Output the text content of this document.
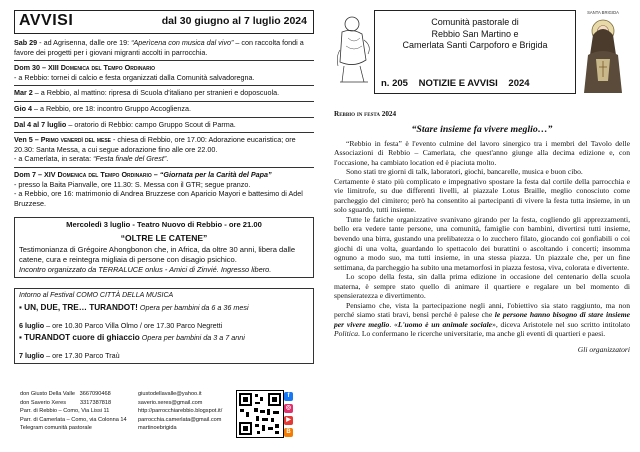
AVVISI	dal 30 giugno al 7 luglio 2024

Sab 29 - ad Agrisenna, dalle ore 19: “Aperìcena con musica dal vivo” – con raccolta fondi a favore dei progetti per i giovani migranti accolti in parrocchia.

Dom 30 – XIII Domenica del Tempo Ordinario

- a Rebbio: tornei di calcio e festa organizzati dalla Comunità salvadoregna.

Mar 2 – a Rebbio, al mattino: ripresa di Scuola d'italiano per stranieri e doposcuola.

Gio 4 – a Rebbio, ore 18: incontro Gruppo Accoglienza.

Dal 4 al 7 luglio – oratorio di Rebbio: campo Gruppo Scout di Parma.

Ven 5 – Primo venerdì del mese - chiesa di Rebbio, ore 17.00: Adorazione eucaristica; ore 20.30: Santa Messa, a cui segue adorazione fino alle ore 22.00.

- a Camerlata, in serata: “Festa finale del Grest”.

Dom 7 – XIV Domenica del Tempo Ordinario – “Giornata per la Carità del Papa”

- presso la Baita Pianvalle, ore 11.30: S. Messa con il GTR; segue pranzo.

- a Rebbio, ore 16: matrimonio di Andrea Bruzzese con Aparicio Mayori e battesimo di Adel Bruzzese.

Mercoledì 3 luglio - Teatro Nuovo di Rebbio - ore 21.00

“OLTRE LE CATENE”

Testimonianza di Grégoire Ahongbonon che, in Africa, da oltre 30 anni, libera dalle catene, cura e reintegra migliaia di persone con disagio psichico.

Incontro organizzato da TERRALUCE onlus - Amici di Zinvié. Ingresso libero.

Intorno al Festival COMO CITTÀ DELLA MUSICA

▪ UN, DUE, TRE… TURANDOT! Opera per bambini da 6 a 36 mesi

6 luglio – ore 10.30 Parco Villa Olmo / ore 17.30 Parco Negretti

▪ TURANDOT cuore di ghiaccio Opera per bambini da 3 a 7 anni

7 luglio – ore 17.30 Parco Traù

don Giusto Della Valle 3667090468
don Saverio Xeres	3317387818
Parr. di Rebbio – Como, Via Lissi 11
Parr. di Camerlata – Como, via Colonna 14
Telegram comunità pastorale
giustodellavalle@yahoo.it
saverio.xeres@gmail.com
http://parrocchiarebbio.blogspot.it/
parrocchia.camerlata@gmail.com
martinoebrigida
f
◎
▶
B
Comunità pastorale di
Rebbio San Martino e
Camerlata Santi Carpoforo e Brigida
n. 205 NOTIZIE E AVVISI 2024
SANTA BRIGIDA

Rebbio in festa 2024

“Stare insieme fa vivere meglio…”

“Rebbio in festa” è l'evento culmine del lavoro sinergico tra i membri del Tavolo delle Associazioni di Rebbio – Camerlata, che quest'anno giunge alla decima edizione e, con l'occasione, ha cambiato location ed è piaciuta molto.

Sono stati tre giorni di talk, laboratori, giochi, bancarelle, musica e buon cibo.

Certamente è stato più complicato e impegnativo spostare la festa dal cortile della parrocchia e vie limitrofe, su due differenti livelli, al piazzale Lotus Braille, meglio conosciuto come parcheggio del cimitero; però ha consentito ai partecipanti di vivere la festa tutta insieme, in un solo sguardo, tutti insieme.

Tutte le fatiche organizzative svanivano girando per la festa, cogliendo gli apprezzamenti, bello era vedere tante persone, una comunità, famiglie con bambini, divertirsi tutti insieme, bevendo una birra, gustando una prelibatezza o lo zucchero filato, giocando coi gonfiabili o coi giochi di una volta, guardando lo spettacolo dei burattini o ascoltando i concerti; insomma ognuno a modo suo, ma tutti insieme, in una stessa piazza. Un piazzale che, per un fine settimana, da parcheggio ha subito una metamorfosi in piazza festosa, viva, colorata e divertente.

Lo scopo della festa, sin dalla prima edizione in occasione del centenario della scuola materna, è sempre stato quello di animare il quartiere e regalare un bel momento di spensieratezza e divertimento.

Pensiamo che, vista la partecipazione negli anni, l'obiettivo sia stato raggiunto, ma non perché siamo stati bravi, bensì perché è palese che le persone hanno bisogno di stare insieme per vivere meglio. «L'uomo è un animale sociale», diceva Aristotele nel suo scritto intitolato Politica. Lo confermano le ricerche universitarie, ma anche gli eventi di quartieri e paesi.

Gli organizzatori
